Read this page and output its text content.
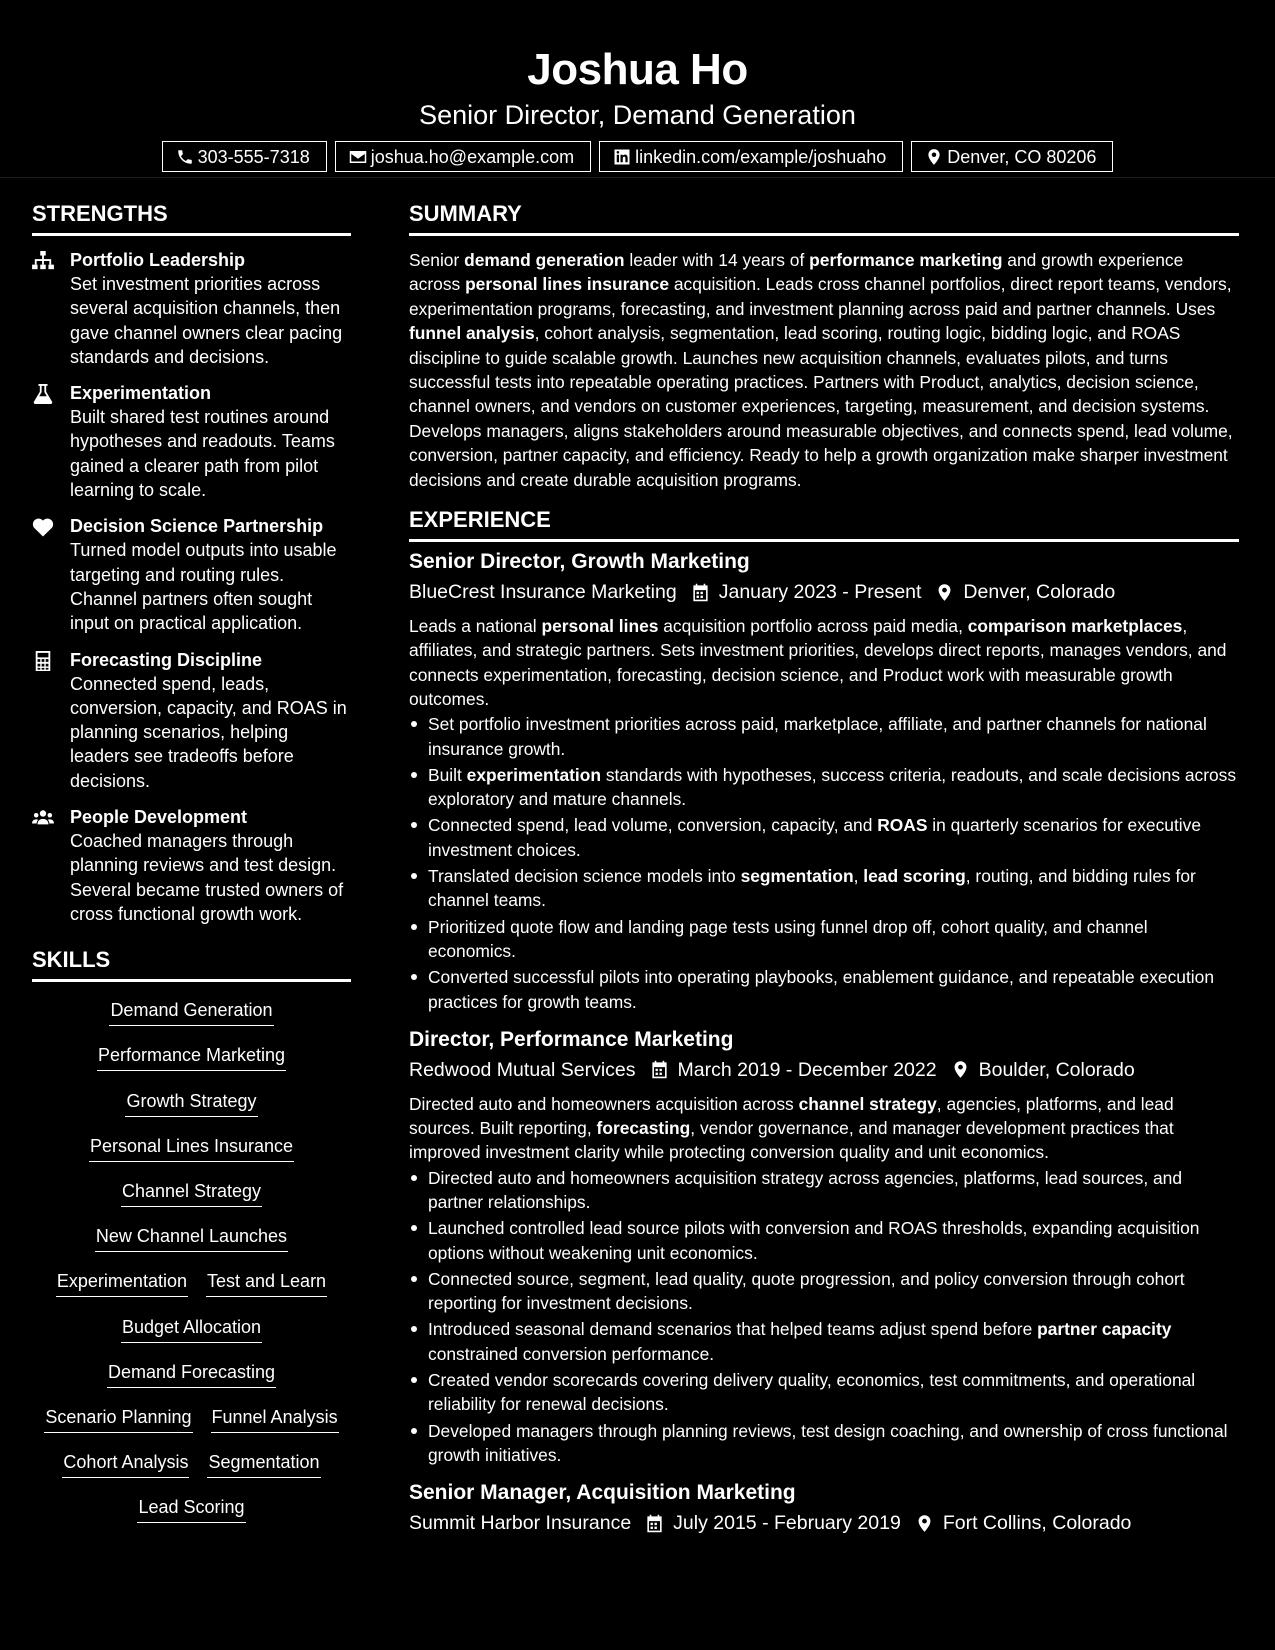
Joshua Ho
Senior Director, Demand Generation
303-555-7318	joshua.ho@example.com	linkedin.com/example/joshuaho	Denver, CO 80206
STRENGTHS
Portfolio Leadership
Set investment priorities across several acquisition channels, then gave channel owners clear pacing standards and decisions.
Experimentation
Built shared test routines around hypotheses and readouts. Teams gained a clearer path from pilot learning to scale.
Decision Science Partnership
Turned model outputs into usable targeting and routing rules. Channel partners often sought input on practical application.
Forecasting Discipline
Connected spend, leads, conversion, capacity, and ROAS in planning scenarios, helping leaders see tradeoffs before decisions.
People Development
Coached managers through planning reviews and test design. Several became trusted owners of cross functional growth work.
SKILLS
Demand Generation
Performance Marketing
Growth Strategy
Personal Lines Insurance
Channel Strategy
New Channel Launches
Experimentation Test and Learn
Budget Allocation
Demand Forecasting
Scenario Planning Funnel Analysis
Cohort Analysis Segmentation
Lead Scoring
SUMMARY

Senior demand generation leader with 14 years of performance marketing and growth experience across personal lines insurance acquisition. Leads cross channel portfolios, direct report teams, vendors, experimentation programs, forecasting, and investment planning across paid and partner channels. Uses funnel analysis, cohort analysis, segmentation, lead scoring, routing logic, bidding logic, and ROAS discipline to guide scalable growth. Launches new acquisition channels, evaluates pilots, and turns successful tests into repeatable operating practices. Partners with Product, analytics, decision science, channel owners, and vendors on customer experiences, targeting, measurement, and decision systems. Develops managers, aligns stakeholders around measurable objectives, and connects spend, lead volume, conversion, partner capacity, and efficiency. Ready to help a growth organization make sharper investment decisions and create durable acquisition programs.

EXPERIENCE
Senior Director, Growth Marketing
BlueCrest Insurance Marketing January 2023 - Present Denver, Colorado

Leads a national personal lines acquisition portfolio across paid media, comparison marketplaces, affiliates, and strategic partners. Sets investment priorities, develops direct reports, manages vendors, and connects experimentation, forecasting, decision science, and Product work with measurable growth outcomes.

Set portfolio investment priorities across paid, marketplace, affiliate, and partner channels for national insurance growth.
Built experimentation standards with hypotheses, success criteria, readouts, and scale decisions across exploratory and mature channels.
Connected spend, lead volume, conversion, capacity, and ROAS in quarterly scenarios for executive investment choices.
Translated decision science models into segmentation, lead scoring, routing, and bidding rules for channel teams.
Prioritized quote flow and landing page tests using funnel drop off, cohort quality, and channel economics.
Converted successful pilots into operating playbooks, enablement guidance, and repeatable execution practices for growth teams.
Director, Performance Marketing
Redwood Mutual Services March 2019 - December 2022 Boulder, Colorado

Directed auto and homeowners acquisition across channel strategy, agencies, platforms, and lead sources. Built reporting, forecasting, vendor governance, and manager development practices that improved investment clarity while protecting conversion quality and unit economics.

Directed auto and homeowners acquisition strategy across agencies, platforms, lead sources, and partner relationships.
Launched controlled lead source pilots with conversion and ROAS thresholds, expanding acquisition options without weakening unit economics.
Connected source, segment, lead quality, quote progression, and policy conversion through cohort reporting for investment decisions.
Introduced seasonal demand scenarios that helped teams adjust spend before partner capacity constrained conversion performance.
Created vendor scorecards covering delivery quality, economics, test commitments, and operational reliability for renewal decisions.
Developed managers through planning reviews, test design coaching, and ownership of cross functional growth initiatives.
Senior Manager, Acquisition Marketing
Summit Harbor Insurance July 2015 - February 2019 Fort Collins, Colorado
